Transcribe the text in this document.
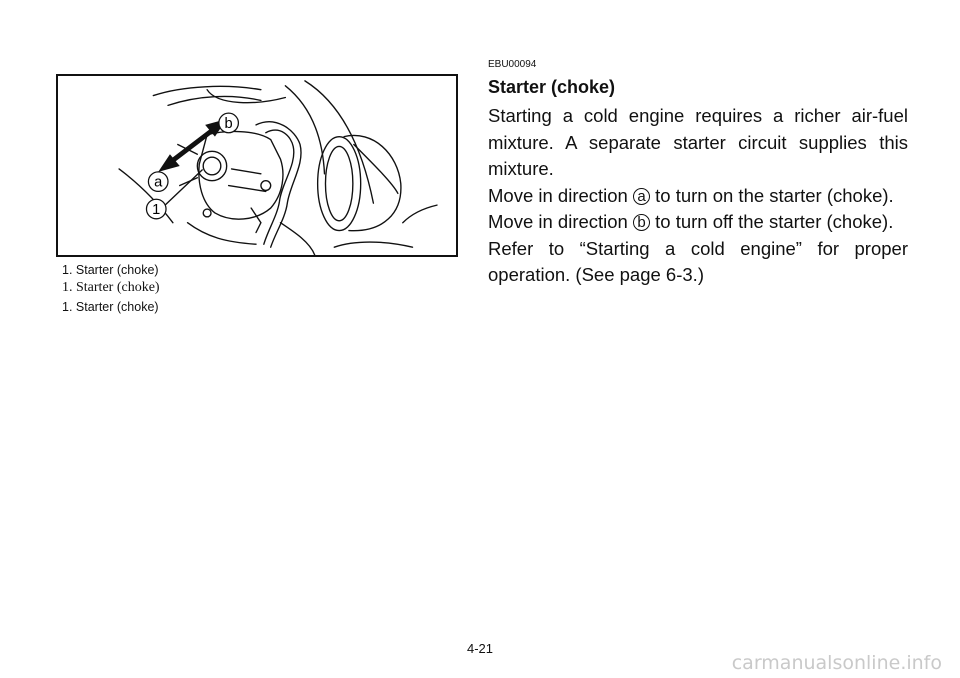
b
a
1
1. Starter (choke)
1. Starter (choke)
1. Starter (choke)
EBU00094
Starter (choke)

Starting a cold engine requires a richer air-fuel mixture. A separate starter circuit supplies this mixture.

Move in direction a to turn on the starter (choke).

Move in direction b to turn off the starter (choke).

Refer to “Starting a cold engine” for proper operation. (See page 6-3.)

4-21
carmanualsonline.info
